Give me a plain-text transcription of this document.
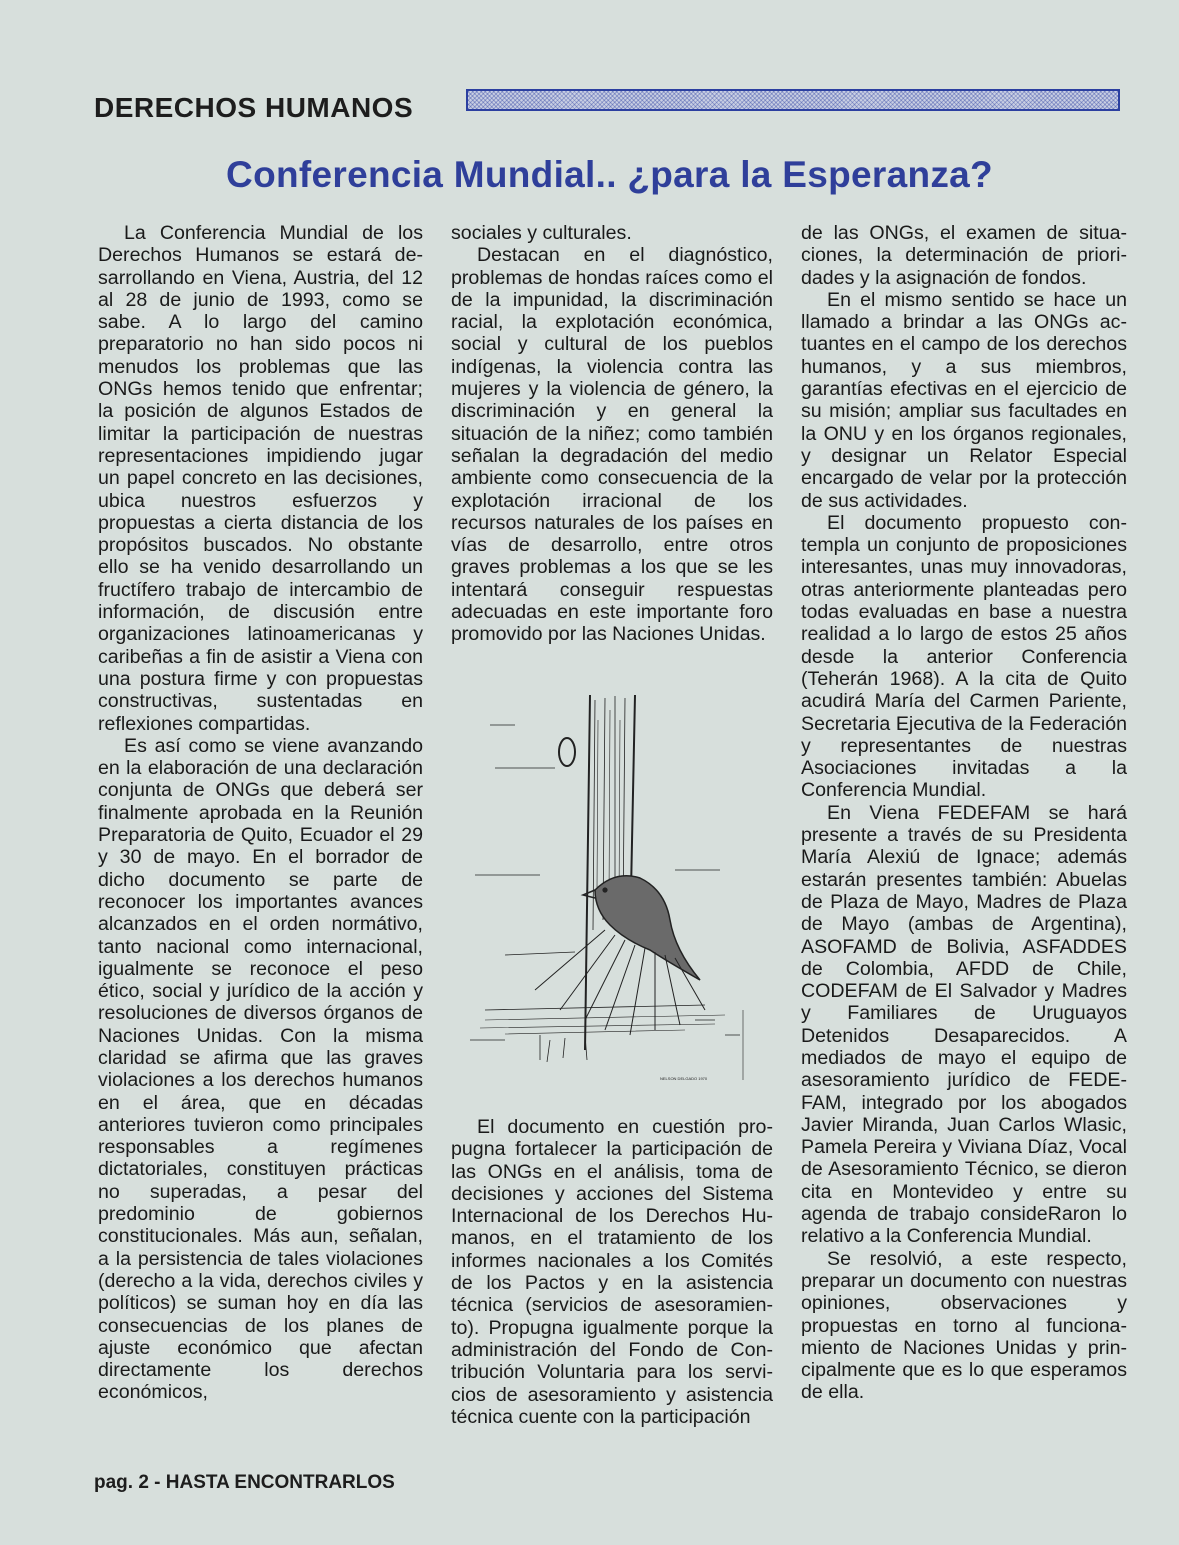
DERECHOS HUMANOS
Conferencia Mundial.. ¿para la Esperanza?

La Conferencia Mundial de los Derechos Humanos se estará desarrollando en Viena, Austria, del 12 al 28 de junio de 1993, como se sabe. A lo largo del camino preparatorio no han sido pocos ni menudos los problemas que las ONGs hemos tenido que enfrentar; la posición de algunos Estados de limitar la participación de nuestras representaciones impidiendo jugar un papel concreto en las decisiones, ubica nuestros esfuerzos y propuestas a cierta distancia de los propósitos buscados. No obstante ello se ha venido desarrollando un fructífero trabajo de intercambio de información, de discusión entre organizaciones latinoamericanas y caribeñas a fin de asistir a Viena con una postura firme y con propuestas constructivas, sustentadas en reflexiones compartidas.

Es así como se viene avanzando en la elaboración de una declaración conjunta de ONGs que deberá ser finalmente aprobada en la Reunión Preparatoria de Quito, Ecuador el 29 y 30 de mayo. En el borrador de dicho documento se parte de reconocer los importantes avances alcanzados en el orden normátivo, tanto nacional como internacional, igualmente se reconoce el peso ético, social y jurídico de la acción y resoluciones de diversos órganos de Naciones Unidas. Con la misma claridad se afirma que las graves violaciones a los derechos humanos en el área, que en décadas anteriores tuvieron como principales responsables a regímenes dictatoriales, constituyen prácticas no superadas, a pesar del predominio de gobiernos constitucionales. Más aun, señalan, a la persistencia de tales violaciones (derecho a la vida, derechos civiles y políticos) se suman hoy en día las consecuencias de los planes de ajuste económico que afectan directamente los derechos económicos,

sociales y culturales.

Destacan en el diagnóstico, problemas de hondas raíces como el de la impunidad, la discriminación racial, la explotación económica, social y cultural de los pueblos indígenas, la violencia contra las mujeres y la violencia de género, la discriminación y en general la situación de la niñez; como también señalan la degradación del medio ambiente como consecuencia de la explotación irracional de los recursos naturales de los países en vías de desarrollo, entre otros graves problemas a los que se les intentará conseguir respuestas adecuadas en este importante foro promovido por las Naciones Unidas.

NELSON DELGADO 1970

El documento en cuestión propugna fortalecer la participación de las ONGs en el análisis, toma de decisiones y acciones del Sistema Internacional de los Derechos Humanos, en el tratamiento de los informes nacionales a los Comités de los Pactos y en la asistencia técnica (servicios de asesoramiento). Propugna igualmente porque la administración del Fondo de Contribución Voluntaria para los servicios de asesoramiento y asistencia técnica cuente con la participación

de las ONGs, el examen de situaciones, la determinación de prioridades y la asignación de fondos.

En el mismo sentido se hace un llamado a brindar a las ONGs actuantes en el campo de los derechos humanos, y a sus miembros, garantías efectivas en el ejercicio de su misión; ampliar sus facultades en la ONU y en los órganos regionales, y designar un Relator Especial encargado de velar por la protección de sus actividades.

El documento propuesto contempla un conjunto de proposiciones interesantes, unas muy innovadoras, otras anteriormente planteadas pero todas evaluadas en base a nuestra realidad a lo largo de estos 25 años desde la anterior Conferencia (Teherán 1968). A la cita de Quito acudirá María del Carmen Pariente, Secretaria Ejecutiva de la Federación y representantes de nuestras Asociaciones invitadas a la Conferencia Mundial.

En Viena FEDEFAM se hará presente a través de su Presidenta María Alexiú de Ignace; además estarán presentes también: Abuelas de Plaza de Mayo, Madres de Plaza de Mayo (ambas de Argentina), ASOFAMD de Bolivia, ASFADDES de Colombia, AFDD de Chile, CODEFAM de El Salvador y Madres y Familiares de Uruguayos Detenidos Desaparecidos. A mediados de mayo el equipo de asesoramiento jurídico de FEDEFAM, integrado por los abogados Javier Miranda, Juan Carlos Wlasic, Pamela Pereira y Viviana Díaz, Vocal de Asesoramiento Técnico, se dieron cita en Montevideo y entre su agenda de trabajo consideRaron lo relativo a la Conferencia Mundial.

Se resolvió, a este respecto, preparar un documento con nuestras opiniones, observaciones y propuestas en torno al funcionamiento de Naciones Unidas y principalmente que es lo que esperamos de ella.

pag. 2 - HASTA ENCONTRARLOS
